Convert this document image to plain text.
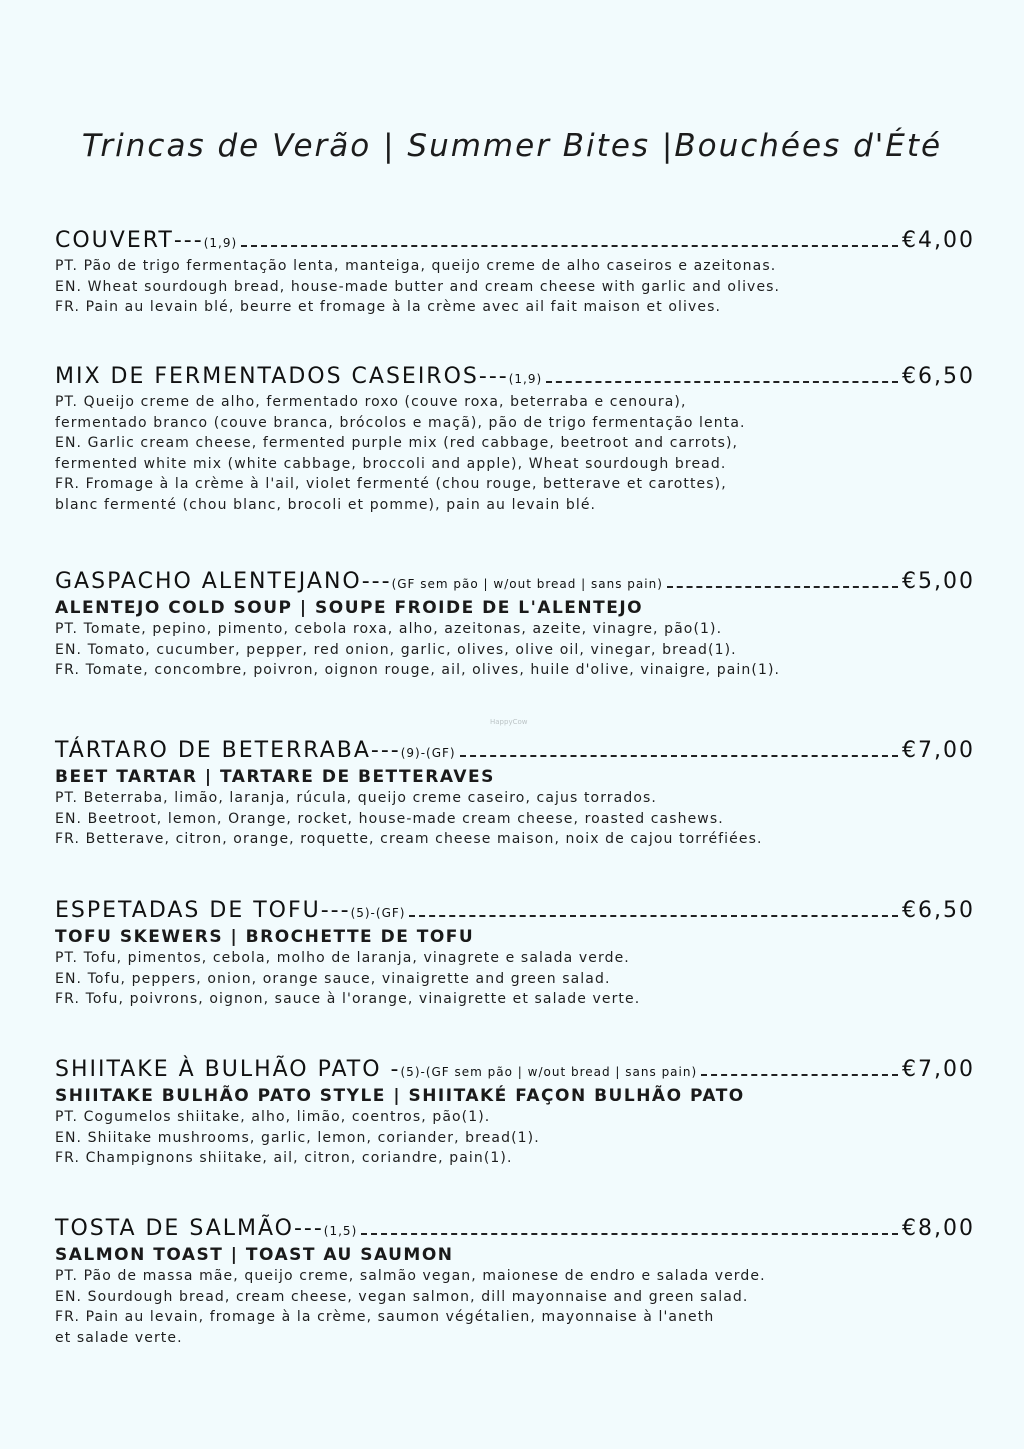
Trincas de Verão | Summer Bites |Bouchées d'Été
COUVERT --- (1,9)	€4,00
PT. Pão de trigo fermentação lenta, manteiga, queijo creme de alho caseiros e azeitonas.
EN. Wheat sourdough bread, house-made butter and cream cheese with garlic and olives.
FR. Pain au levain blé, beurre et fromage à la crème avec ail fait maison et olives.
MIX DE FERMENTADOS CASEIROS --- (1,9)	€6,50
PT. Queijo creme de alho, fermentado roxo (couve roxa, beterraba e cenoura),
fermentado branco (couve branca, brócolos e maçã), pão de trigo fermentação lenta.
EN. Garlic cream cheese, fermented purple mix (red cabbage, beetroot and carrots),
fermented white mix (white cabbage, broccoli and apple), Wheat sourdough bread.
FR. Fromage à la crème à l'ail, violet fermenté (chou rouge, betterave et carottes),
blanc fermenté (chou blanc, brocoli et pomme), pain au levain blé.
GASPACHO ALENTEJANO --- (GF sem pão | w/out bread | sans pain)	€5,00
ALENTEJO COLD SOUP | SOUPE FROIDE DE L'ALENTEJO
PT. Tomate, pepino, pimento, cebola roxa, alho, azeitonas, azeite, vinagre, pão(1).
EN. Tomato, cucumber, pepper, red onion, garlic, olives, olive oil, vinegar, bread(1).
FR. Tomate, concombre, poivron, oignon rouge, ail, olives, huile d'olive, vinaigre, pain(1).
HappyCow
TÁRTARO DE BETERRABA --- (9)-(GF)	€7,00
BEET TARTAR | TARTARE DE BETTERAVES
PT. Beterraba, limão, laranja, rúcula, queijo creme caseiro, cajus torrados.
EN. Beetroot, lemon, Orange, rocket, house-made cream cheese, roasted cashews.
FR. Betterave, citron, orange, roquette, cream cheese maison, noix de cajou torréfiées.
ESPETADAS DE TOFU --- (5)-(GF)	€6,50
TOFU SKEWERS | BROCHETTE DE TOFU
PT. Tofu, pimentos, cebola, molho de laranja, vinagrete e salada verde.
EN. Tofu, peppers, onion, orange sauce, vinaigrette and green salad.
FR. Tofu, poivrons, oignon, sauce à l'orange, vinaigrette et salade verte.
SHIITAKE À BULHÃO PATO - (5)-(GF sem pão | w/out bread | sans pain)	€7,00
SHIITAKE BULHÃO PATO STYLE | SHIITAKÉ FAÇON BULHÃO PATO
PT. Cogumelos shiitake, alho, limão, coentros, pão(1).
EN. Shiitake mushrooms, garlic, lemon, coriander, bread(1).
FR. Champignons shiitake, ail, citron, coriandre, pain(1).
TOSTA DE SALMÃO --- (1,5)	€8,00
SALMON TOAST | TOAST AU SAUMON
PT. Pão de massa mãe, queijo creme, salmão vegan, maionese de endro e salada verde.
EN. Sourdough bread, cream cheese, vegan salmon, dill mayonnaise and green salad.
FR. Pain au levain, fromage à la crème, saumon végétalien, mayonnaise à l'aneth
et salade verte.
